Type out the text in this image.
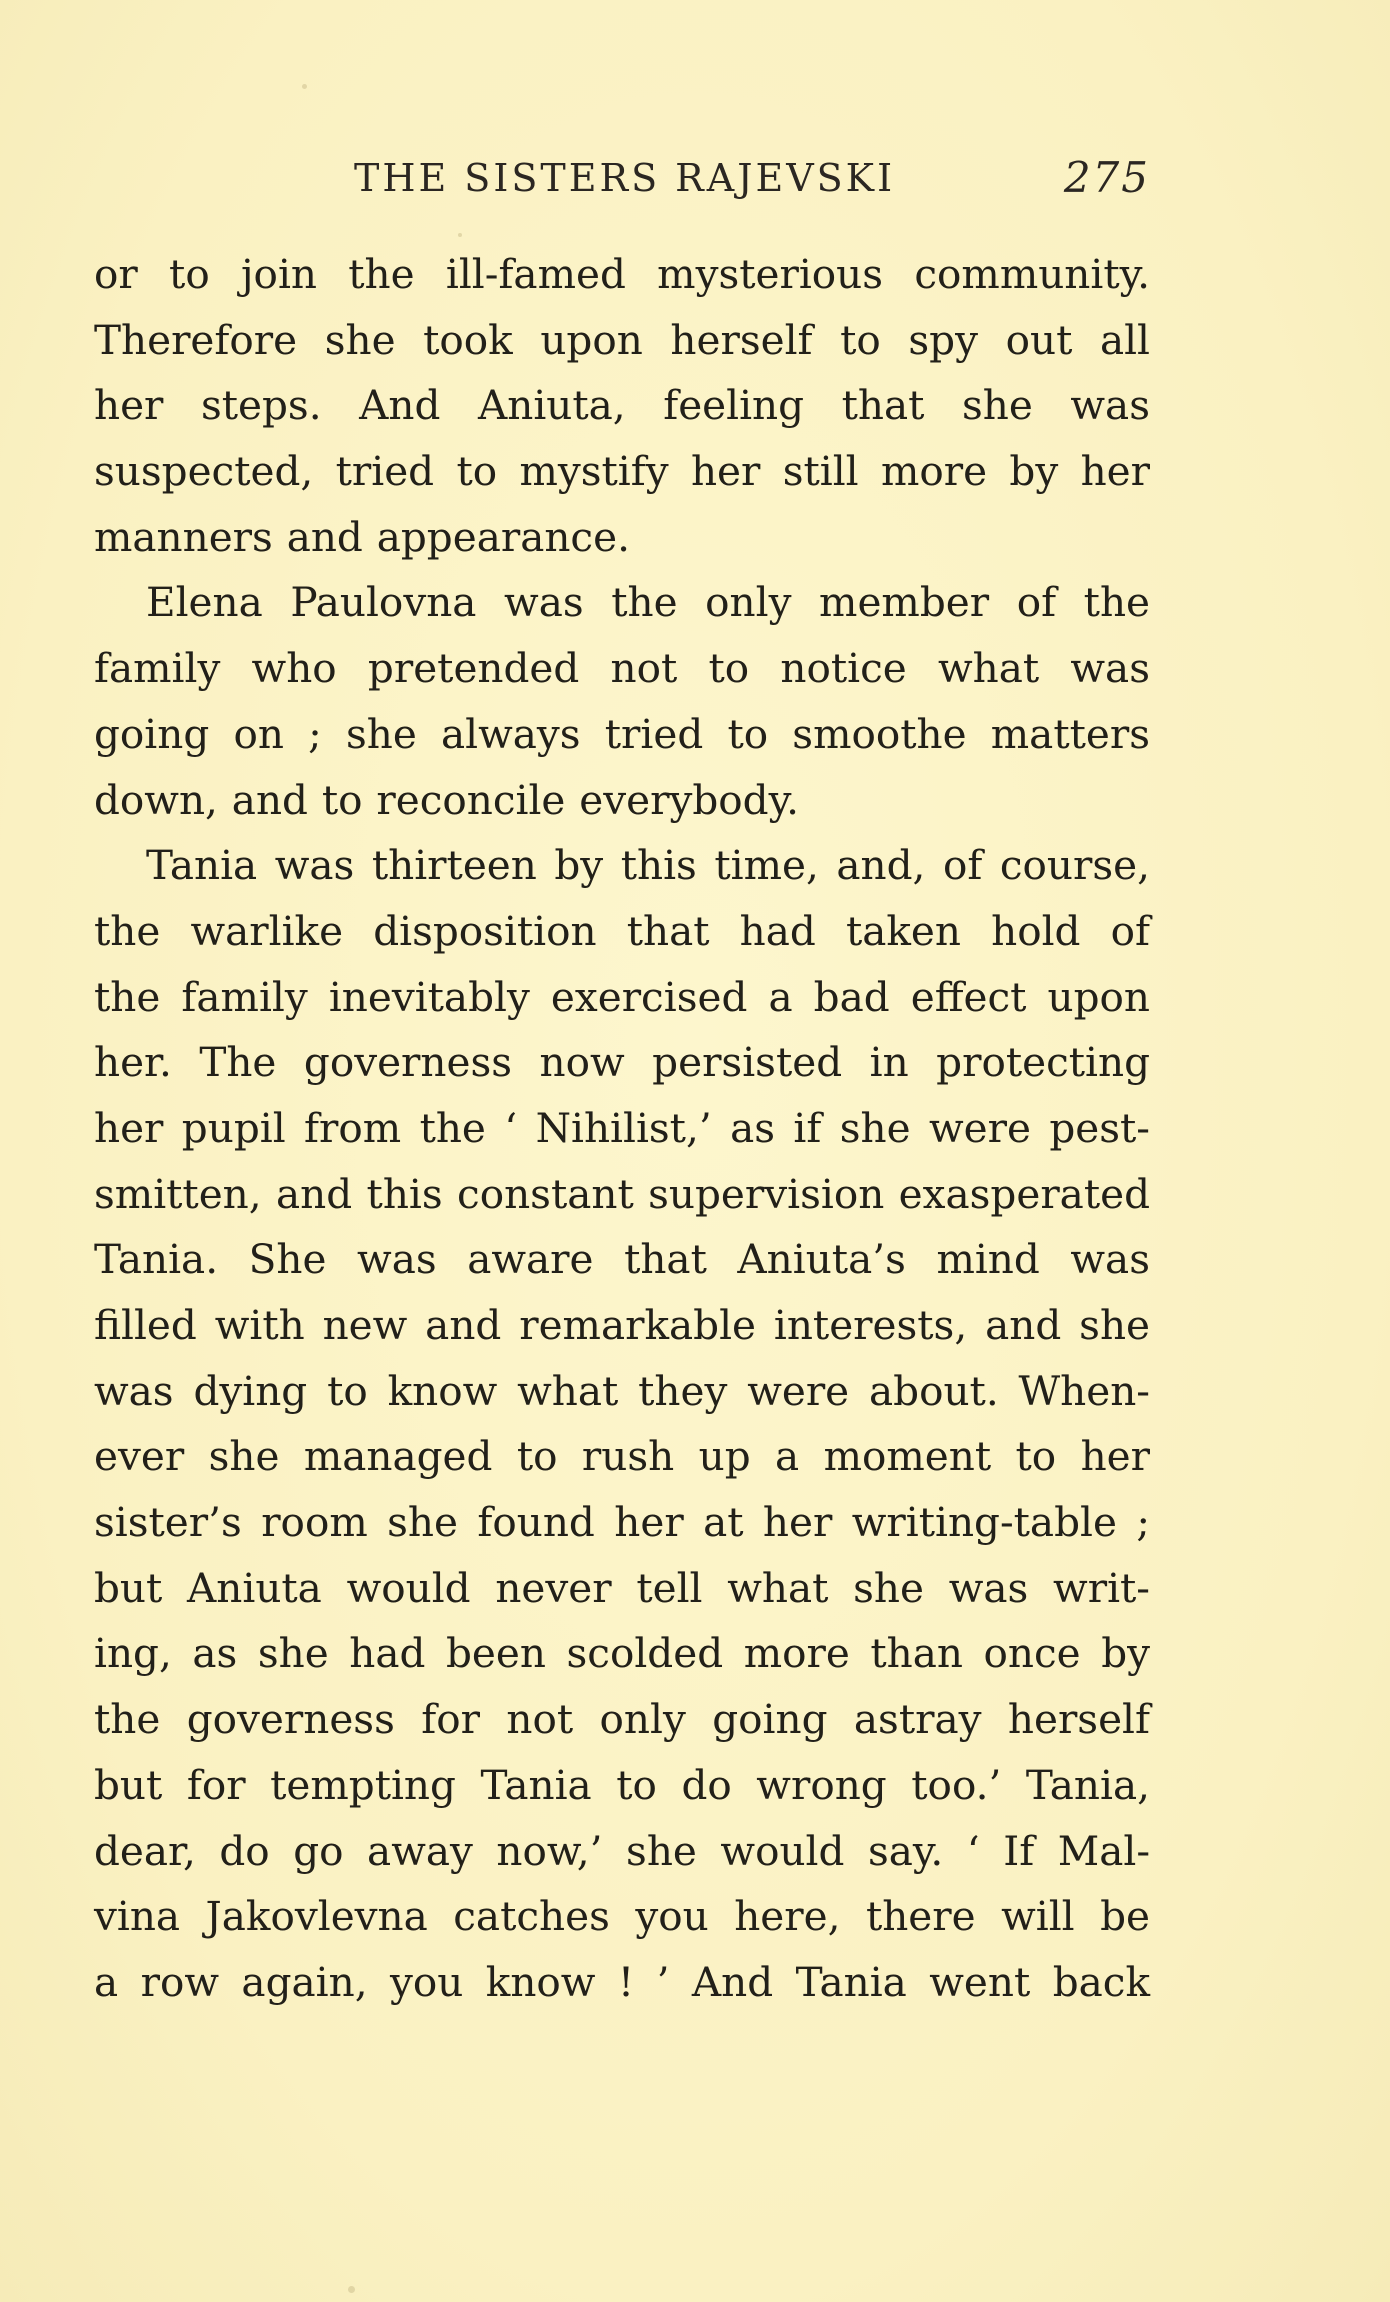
THE SISTERS RAJEVSKI	275
or to join the ill-famed mysterious community.
Therefore she took upon herself to spy out all
her steps. And Aniuta, feeling that she was
suspected, tried to mystify her still more by her
manners and appearance.
Elena Paulovna was the only member of the
family who pretended not to notice what was
going on ; she always tried to smoothe matters
down, and to reconcile everybody.
Tania was thirteen by this time, and, of course,
the warlike disposition that had taken hold of
the family inevitably exercised a bad effect upon
her. The governess now persisted in protecting
her pupil from the ‘ Nihilist,’ as if she were pest-
smitten, and this constant supervision exasperated
Tania. She was aware that Aniuta’s mind was
filled with new and remarkable interests, and she
was dying to know what they were about. When-
ever she managed to rush up a moment to her
sister’s room she found her at her writing-table ;
but Aniuta would never tell what she was writ-
ing, as she had been scolded more than once by
the governess for not only going astray herself
but for tempting Tania to do wrong too.’ Tania,
dear, do go away now,’ she would say. ‘ If Mal-
vina Jakovlevna catches you here, there will be
a row again, you know ! ’ And Tania went back
